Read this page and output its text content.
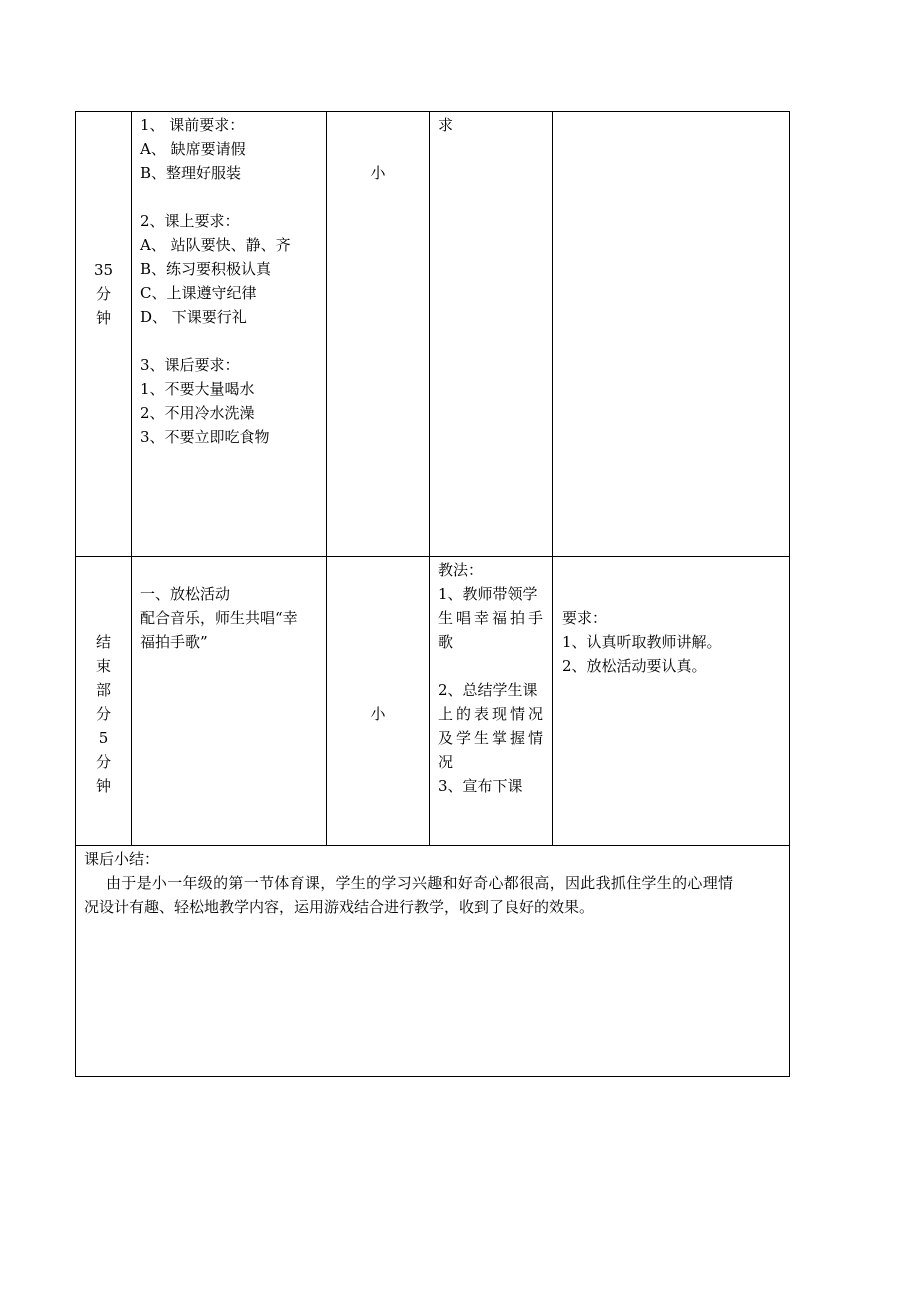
35
分
钟
1、 课前要求：
A、 缺席要请假
B、整理好服装
2、课上要求：
A、 站队要快、静、齐
B、练习要积极认真
C、上课遵守纪律
D、 下课要行礼
3、课后要求：
1、不要大量喝水
2、不用冷水洗澡
3、不要立即吃食物
小
求
结
束
部
分
5
分
钟
一、放松活动
配合音乐，师生共唱“幸
福拍手歌”
小
教法：
1、教师带领学
生唱幸福拍手
歌
2、总结学生课
上的表现情况
及学生掌握情
况
3、宣布下课
要求：
1、认真听取教师讲解。
2、放松活动要认真。
课后小结：
由于是小一年级的第一节体育课，学生的学习兴趣和好奇心都很高，因此我抓住学生的心理情
况设计有趣、轻松地教学内容，运用游戏结合进行教学，收到了良好的效果。
